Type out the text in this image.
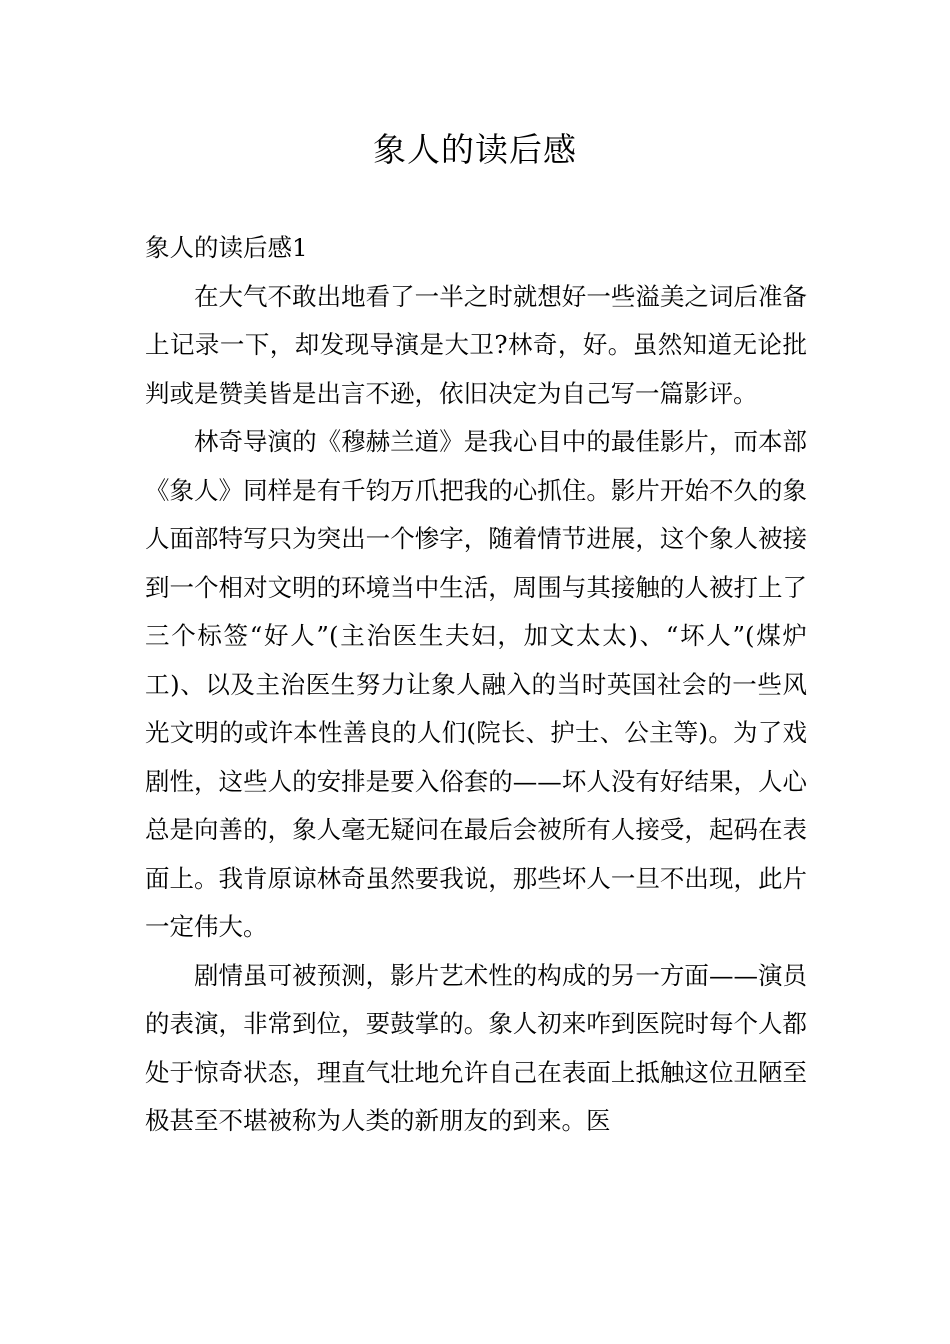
象人的读后感

象人的读后感1

在大气不敢出地看了一半之时就想好一些溢美之词后准备上记录一下，却发现导演是大卫?林奇，好。虽然知道无论批判或是赞美皆是出言不逊，依旧决定为自己写一篇影评。

林奇导演的《穆赫兰道》是我心目中的最佳影片，而本部《象人》同样是有千钧万爪把我的心抓住。影片开始不久的象人面部特写只为突出一个惨字，随着情节进展，这个象人被接到一个相对文明的环境当中生活，周围与其接触的人被打上了三个标签“好人”(主治医生夫妇，加文太太)、“坏人”(煤炉工)、以及主治医生努力让象人融入的当时英国社会的一些风光文明的或许本性善良的人们(院长、护士、公主等)。为了戏剧性，这些人的安排是要入俗套的——坏人没有好结果，人心总是向善的，象人毫无疑问在最后会被所有人接受，起码在表面上。我肯原谅林奇虽然要我说，那些坏人一旦不出现，此片一定伟大。

剧情虽可被预测，影片艺术性的构成的另一方面——演员的表演，非常到位，要鼓掌的。象人初来咋到医院时每个人都处于惊奇状态，理直气壮地允许自己在表面上抵触这位丑陋至极甚至不堪被称为人类的新朋友的到来。医
